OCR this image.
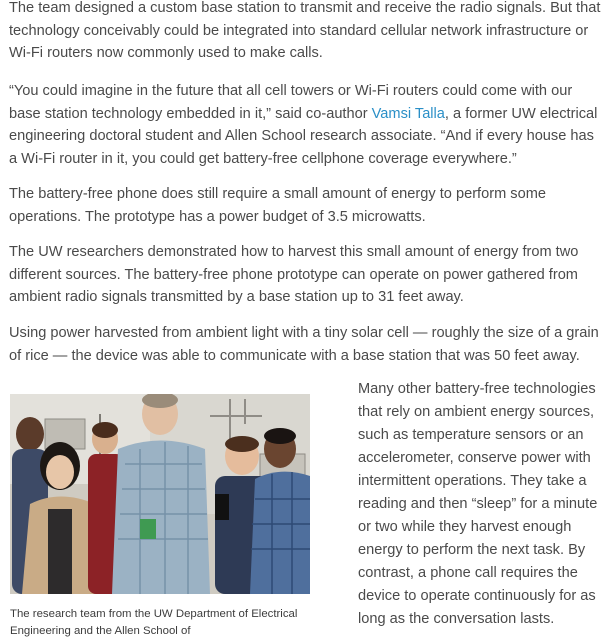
The team designed a custom base station to transmit and receive the radio signals. But that technology conceivably could be integrated into standard cellular network infrastructure or Wi-Fi routers now commonly used to make calls.

“You could imagine in the future that all cell towers or Wi-Fi routers could come with our base station technology embedded in it,” said co-author Vamsi Talla, a former UW electrical engineering doctoral student and Allen School research associate. “And if every house has a Wi-Fi router in it, you could get battery-free cellphone coverage everywhere.”

The battery-free phone does still require a small amount of energy to perform some operations. The prototype has a power budget of 3.5 microwatts.

The UW researchers demonstrated how to harvest this small amount of energy from two different sources. The battery-free phone prototype can operate on power gathered from ambient radio signals transmitted by a base station up to 31 feet away.

Using power harvested from ambient light with a tiny solar cell — roughly the size of a grain of rice — the device was able to communicate with a base station that was 50 feet away.

The research team from the UW Department of Electrical Engineering and the Allen School of

Many other battery-free technologies that rely on ambient energy sources, such as temperature sensors or an accelerometer, conserve power with intermittent operations. They take a reading and then “sleep” for a minute or two while they harvest enough energy to perform the next task. By contrast, a phone call requires the device to operate continuously for as long as the conversation lasts.
